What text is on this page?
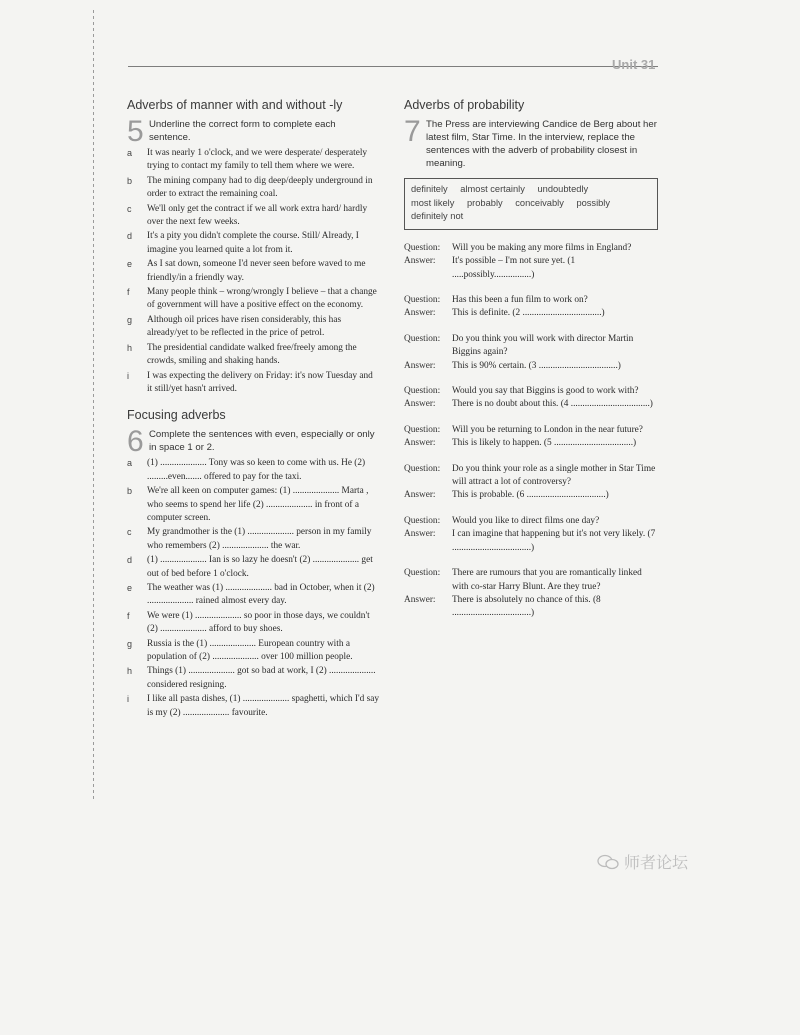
Unit 31
Adverbs of manner with and without -ly
5 Underline the correct form to complete each sentence.
a	It was nearly 1 o'clock, and we were desperate/ desperately trying to contact my family to tell them where we were.
b	The mining company had to dig deep/deeply underground in order to extract the remaining coal.
c	We'll only get the contract if we all work extra hard/ hardly over the next few weeks.
d	It's a pity you didn't complete the course. Still/ Already, I imagine you learned quite a lot from it.
e	As I sat down, someone I'd never seen before waved to me friendly/in a friendly way.
f	Many people think – wrong/wrongly I believe – that a change of government will have a positive effect on the economy.
g	Although oil prices have risen considerably, this has already/yet to be reflected in the price of petrol.
h	The presidential candidate walked free/freely among the crowds, smiling and shaking hands.
i	I was expecting the delivery on Friday: it's now Tuesday and it still/yet hasn't arrived.
Focusing adverbs
6 Complete the sentences with even, especially or only in space 1 or 2.
a	(1) .................... Tony was so keen to come with us. He (2) .........even....... offered to pay for the taxi.
b	We're all keen on computer games: (1) .................... Marta , who seems to spend her life (2) .................... in front of a computer screen.
c	My grandmother is the (1) .................... person in my family who remembers (2) .................... the war.
d	(1) .................... Ian is so lazy he doesn't (2) .................... get out of bed before 1 o'clock.
e	The weather was (1) .................... bad in October, when it (2) .................... rained almost every day.
f	We were (1) .................... so poor in those days, we couldn't (2) .................... afford to buy shoes.
g	Russia is the (1) .................... European country with a population of (2) .................... over 100 million people.
h	Things (1) .................... got so bad at work, I (2) .................... considered resigning.
i	I like all pasta dishes, (1) .................... spaghetti, which I'd say is my (2) .................... favourite.
Adverbs of probability
7 The Press are interviewing Candice de Berg about her latest film, Star Time. In the interview, replace the sentences with the adverb of probability closest in meaning.
definitely almost certainly undoubtedly most likely probably conceivably possibly definitely not
Question:	Will you be making any more films in England?
Answer:	It's possible – I'm not sure yet. (1 .....possibly................)
Question:	Has this been a fun film to work on?
Answer:	This is definite. (2 ..................................)
Question:	Do you think you will work with director Martin Biggins again?
Answer:	This is 90% certain. (3 ..................................)
Question:	Would you say that Biggins is good to work with?
Answer:	There is no doubt about this. (4 ..................................)
Question:	Will you be returning to London in the near future?
Answer:	This is likely to happen. (5 ..................................)
Question:	Do you think your role as a single mother in Star Time will attract a lot of controversy?
Answer:	This is probable. (6 ..................................)
Question:	Would you like to direct films one day?
Answer:	I can imagine that happening but it's not very likely. (7 ..................................)
Question:	There are rumours that you are romantically linked with co-star Harry Blunt. Are they true?
Answer:	There is absolutely no chance of this. (8 ..................................)
师者论坛
